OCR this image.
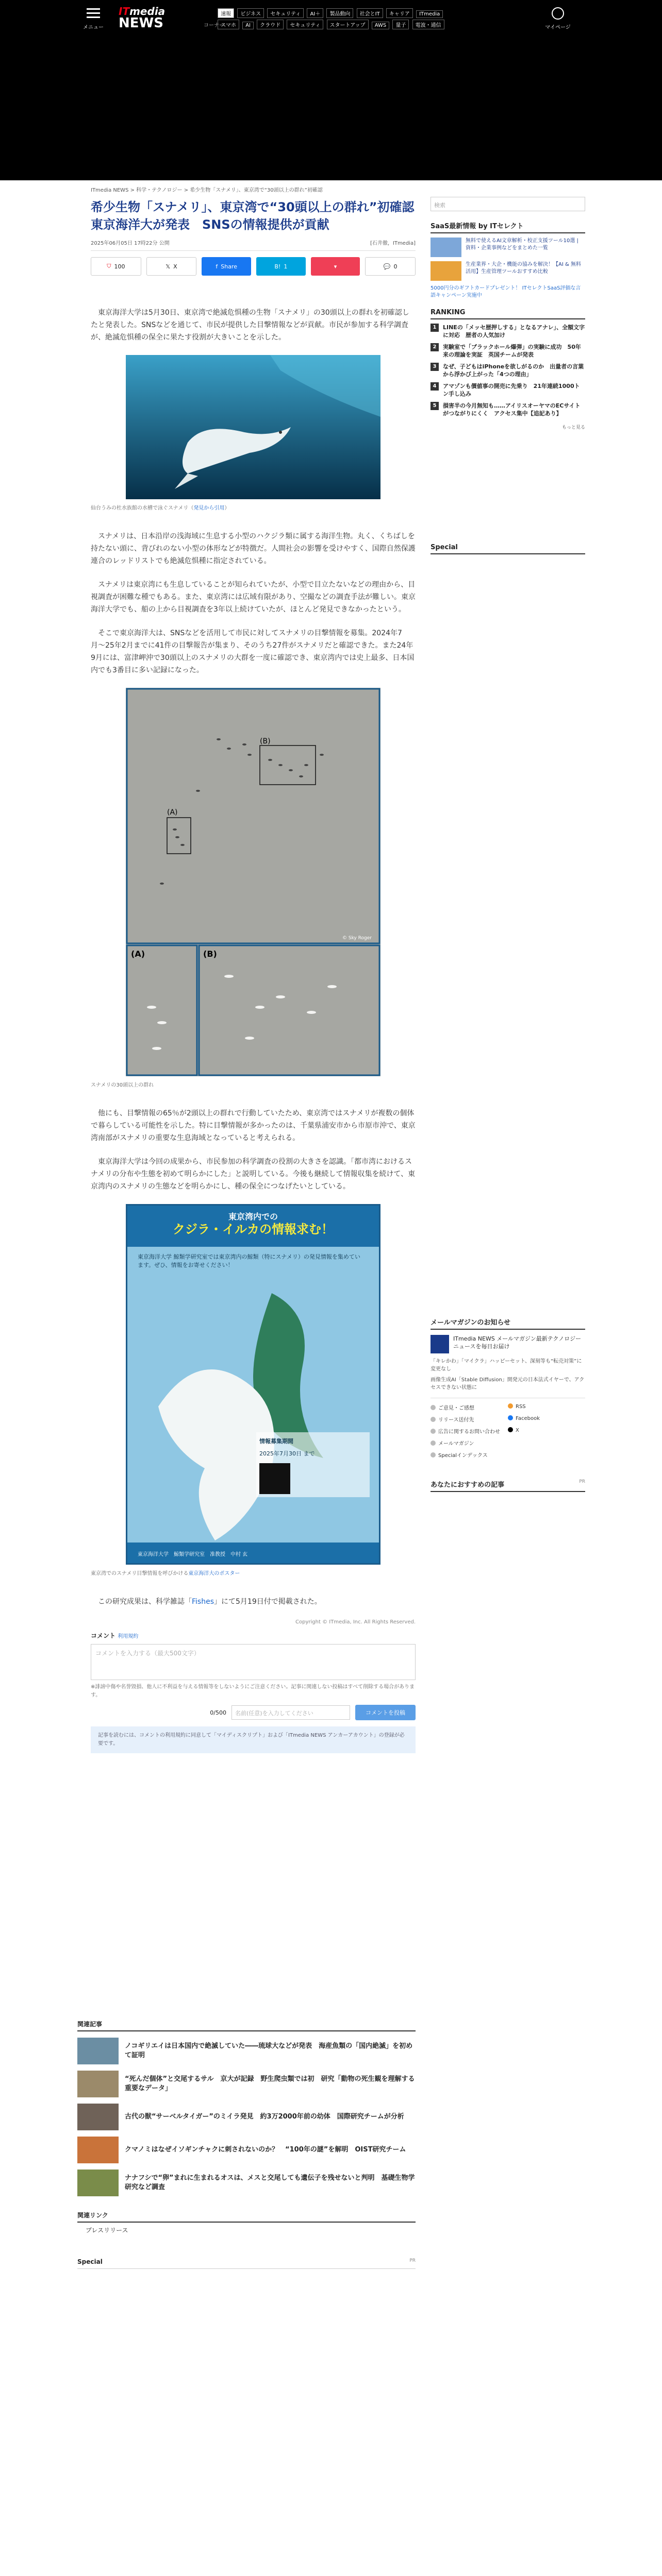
メニュー
ITmedia
NEWS
速報 ビジネス セキュリティ AI＋ 製品動向 社会とIT キャリア ITmedia
コーナー スマホ AI クラウド セキュリティ スタートアップ AWS 量子 電波・通信	マイページ
ITmedia NEWS > 科学・テクノロジー > 希少生物「スナメリ」、東京湾で“30頭以上の群れ”初確認
希少生物「スナメリ」、東京湾で“30頭以上の群れ”初確認　東京海洋大が発表　SNSの情報提供が貢献
2025年06月05日 17時22分 公開	[石井徹，ITmedia]
⛉ 100	𝕏 X	f Share	B! 1	▾	💬 0

東京海洋大学は5月30日、東京湾で絶滅危惧種の生物「スナメリ」の30頭以上の群れを初確認したと発表した。SNSなどを通じて、市民が提供した目撃情報などが貢献。市民が参加する科学調査が、絶滅危惧種の保全に果たす役割が大きいことを示した。

仙台うみの杜水族館の水槽で泳ぐスナメリ（発見から引用）

スナメリは、日本沿岸の浅海域に生息する小型のハクジラ類に属する海洋生物。丸く、くちばしを持たない頭に、背びれのない小型の体形などが特徴だ。人間社会の影響を受けやすく、国際自然保護連合のレッドリストでも絶滅危惧種に指定されている。

スナメリは東京湾にも生息していることが知られていたが、小型で目立たないなどの理由から、目視調査が困難な種でもある。また、東京湾には広域有限があり、空撮などの調査手法が難しい。東京海洋大学でも、船の上から目視調査を3年以上続けていたが、ほとんど発見できなかったという。

そこで東京海洋大は、SNSなどを活用して市民に対してスナメリの目撃情報を募集。2024年7月〜25年2月までに41件の目撃報告が集まり、そのうち27件がスナメリだと確認できた。また24年9月には、富津岬沖で30頭以上のスナメリの大群を一度に確認でき、東京湾内では史上最多、日本国内でも3番目に多い記録になった。

(B)
(A)
© Sky Roger
(A)	(B)
スナメリの30頭以上の群れ

他にも、目撃情報の65％が2頭以上の群れで行動していたため、東京湾ではスナメリが複数の個体で暮らしている可能性を示した。特に目撃情報が多かったのは、千葉県浦安市から市原市沖で、東京湾南部がスナメリの重要な生息海域となっていると考えられる。

東京海洋大学は今回の成果から、市民参加の科学調査の役割の大きさを認識。「都市湾におけるスナメリの分布や生態を初めて明らかにした」と説明している。今後も継続して情報収集を続けて、東京湾内のスナメリの生態などを明らかにし、種の保全につなげたいとしている。

東京湾内での
クジラ・イルカの情報求む！
東京海洋大学 鯨類学研究室では東京湾内の鯨類（特にスナメリ）の発見情報を集めています。ぜひ、情報をお寄せください！
情報募集期間
2025年7月30日 まで
東京海洋大学　鯨類学研究室　准教授　中村 玄
東京湾でのスナメリ目撃情報を呼びかける東京海洋大のポスター

この研究成果は、科学雑誌「Fishes」にて5月19日付で掲載された。

Copyright © ITmedia, Inc. All Rights Reserved.
コメント 利用規約
コメントを入力する（最大500文字）
※誹謗中傷や名誉毀損、他人に不利益を与える情報等をしないようにご注意ください。記事に関連しない投稿はすべて削除する場合があります。
0/500	名前(任意)を入力してください	コメントを投稿
記事を読むには、コメントの利用規約に同意して「マイディスクリプト」および「ITmedia NEWS アンカーアカウント」の登録が必要です。
関連記事
ノコギリエイは日本国内で絶滅していた――琉球大などが発表　海産魚類の「国内絶滅」を初めて証明
“死んだ個体”と交尾するサル　京大が記録　野生爬虫類では初　研究「動物の死生観を理解する重要なデータ」
古代の獣“サーベルタイガー”のミイラ発見　約3万2000年前の幼体　国際研究チームが分析
クマノミはなぜイソギンチャクに刺されないのか？　“100年の謎”を解明　OIST研究チーム
ナナフシで“卵”まれに生まれるオスは、メスと交尾しても遺伝子を残せないと判明　基礎生物学研究など調査
関連リンク
プレスリリース
Special	PR
検索
SaaS最新情報 by ITセレクト
無料で使えるAI文章解析・校正支援ツール10選 | 資料・企業事例などをまとめた一覧
生産業界・大企・機能の協みを解決！【AI & 無料活用】生産管理ツールおすすめ比較
5000円分のギフトカードプレゼント！ ITセレクトSaaS評価な言語キャンペーン実施中
RANKING
1	LINEの「メッセ歴押しする」となるアナレ」、全額文字に対応　歴者の人気加け
2	実験室で「ブラックホール爆弾」の実験に成功　50年来の理論を実証　英国チームが発表
3	なぜ、子どもはiPhoneを欲しがるのか　出量者の言葉から浮かび上がった「4つの理由」
4	アマゾンも價値事の開売に先乗り　21年連続1000トン手し込み
5	損害半の今月無知も……アイリスオーヤマのECサイトがつながりにくく　アクセス集中【追記あり】
もっと見る
Special
メールマガジンのお知らせ
ITmedia NEWS メールマガジン最新テクノロジーニュースを毎日お届け
「キレかわ」「マイクラ」ハッピーセット、深刻等も“転売対策”に変更なし
画像生成AI「Stable Diffusion」開発元の日本法式イヤーで、アクセスできない状態に
ご意見・ご感想	RSS
リリース送付先	Facebook
広告に関するお問い合わせ	X
メールマガジン
Specialインデックス
あなたにおすすめの記事	PR
